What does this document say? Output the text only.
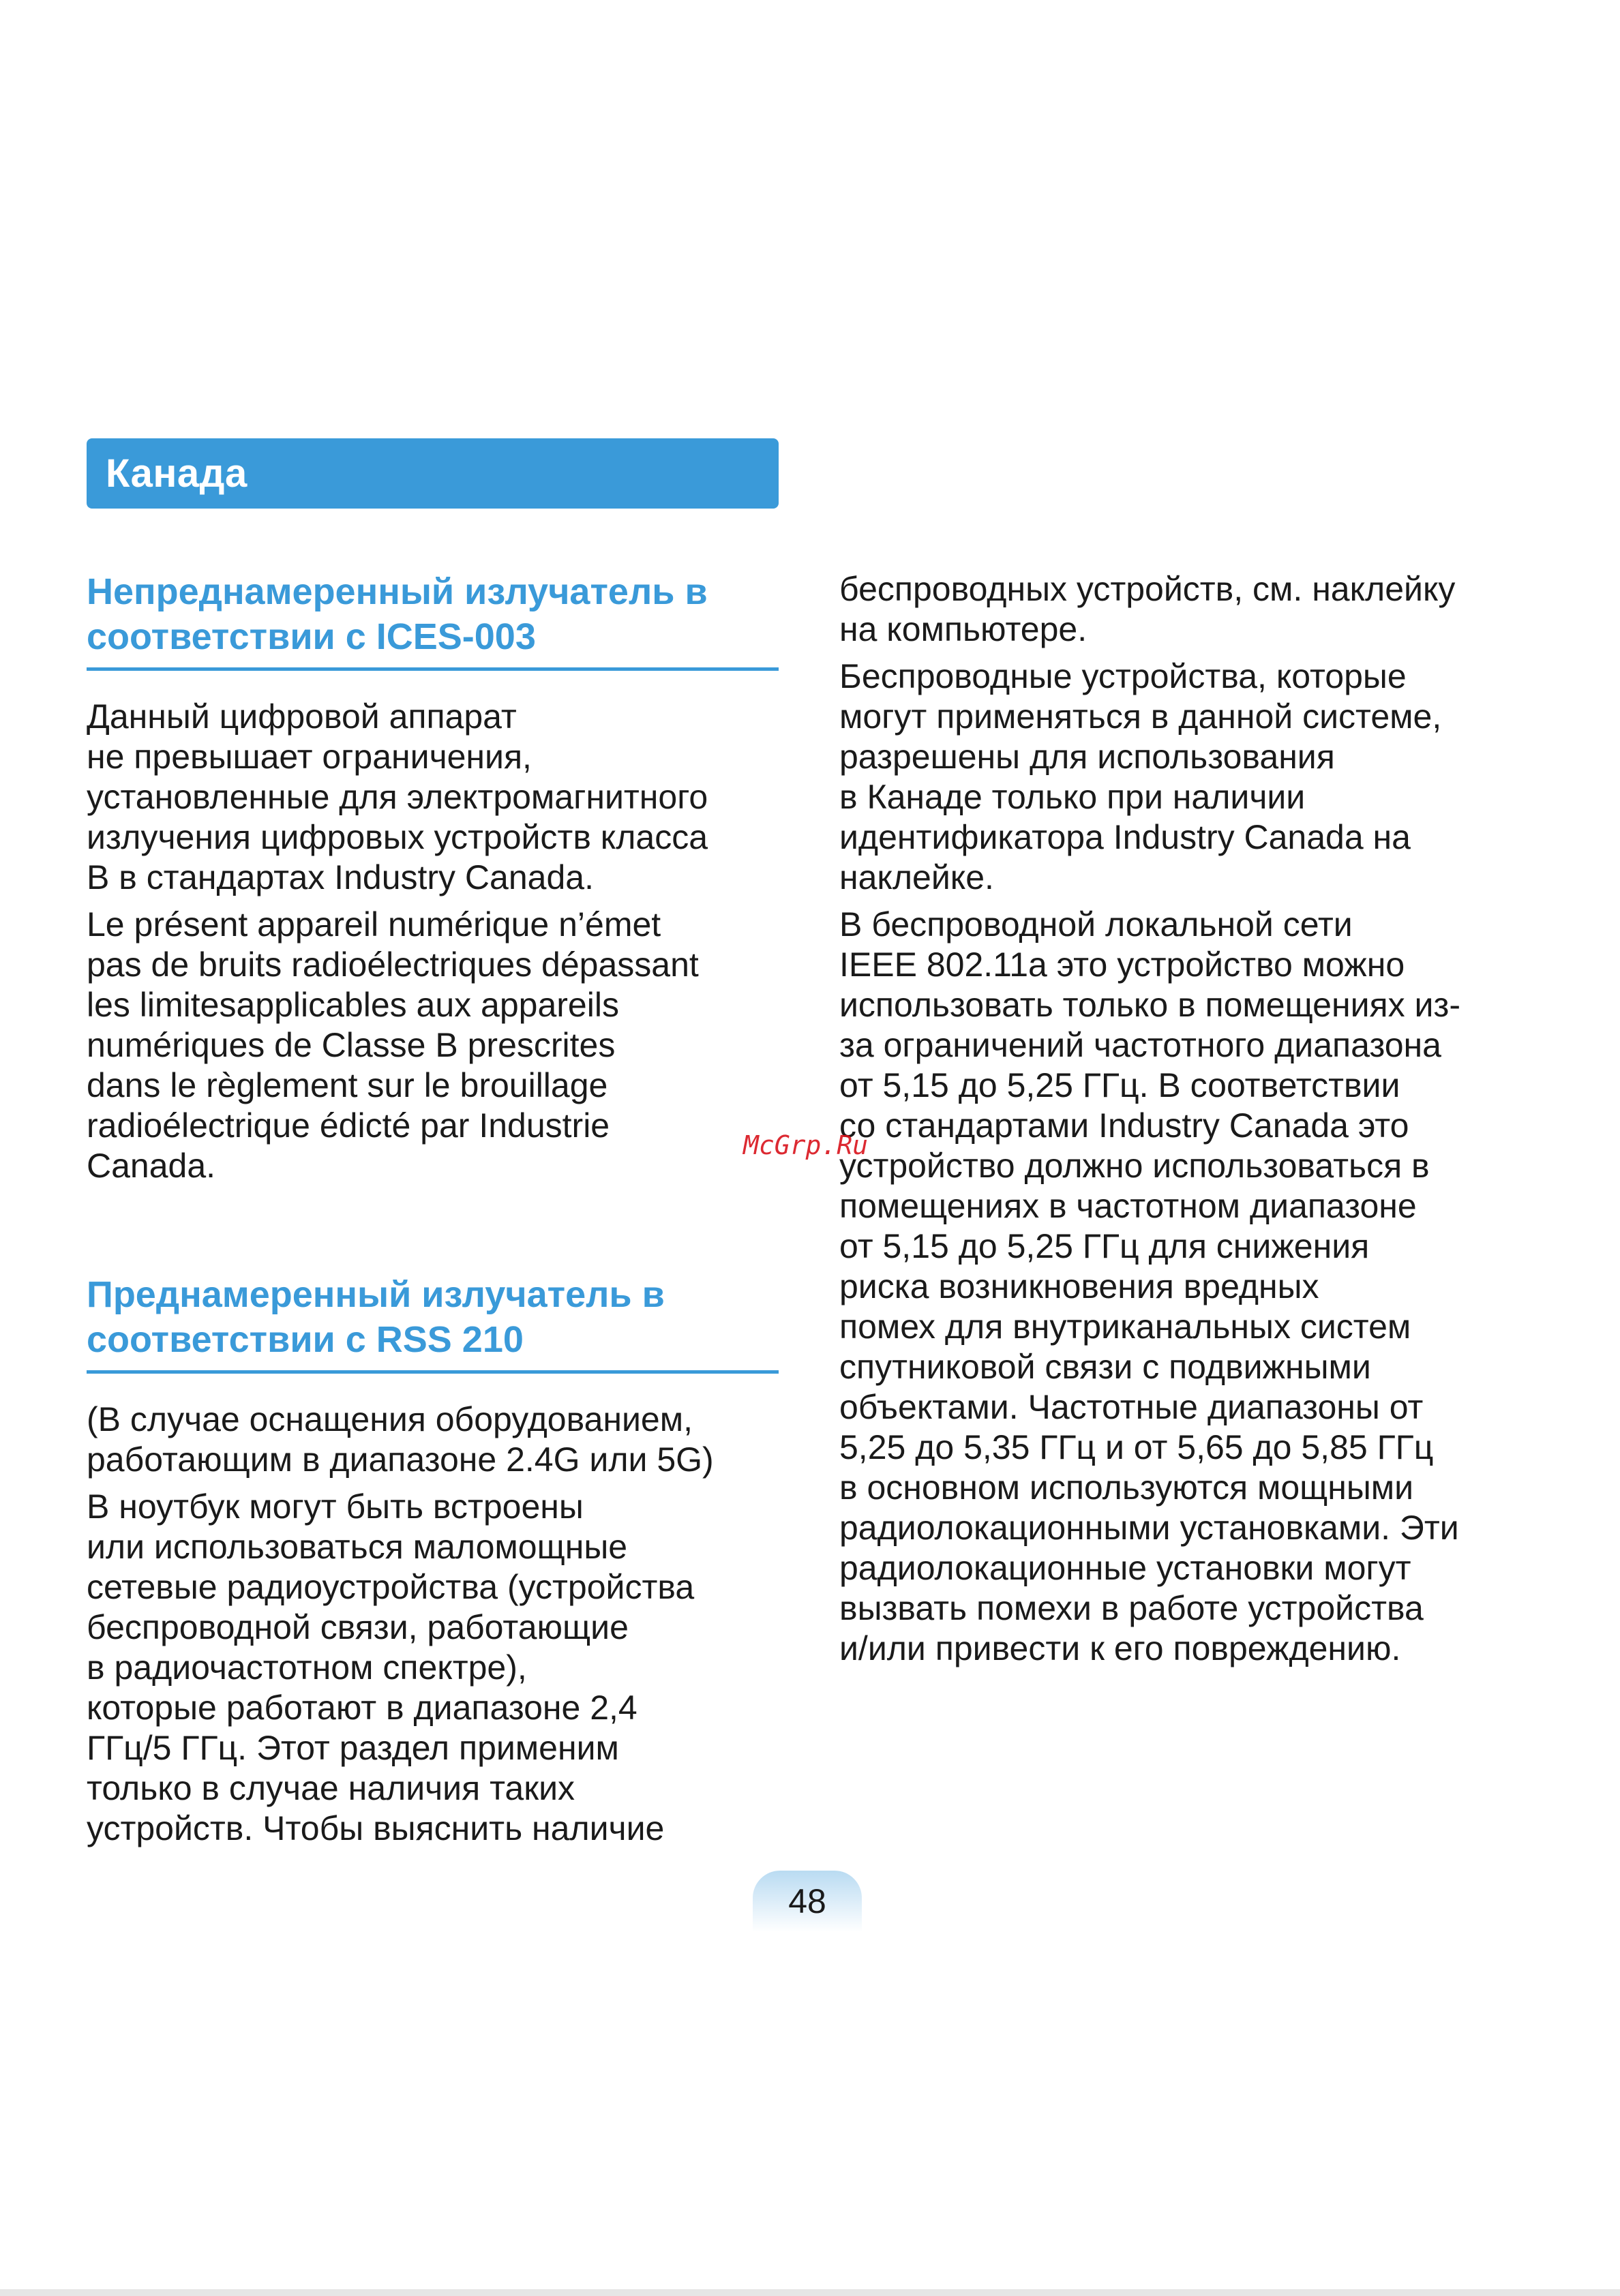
Канада
Непреднамеренный излучатель в
соответствии с ICES-003

Данный цифровой аппарат
не превышает ограничения,
установленные для электромагнитного
излучения цифровых устройств класса
B в стандартах Industry Canada.

Le présent appareil numérique n’émet
pas de bruits radioélectriques dépassant
les limitesapplicables aux appareils
numériques de Classe B prescrites
dans le règlement sur le brouillage
radioélectrique édicté par Industrie
Canada.

Преднамеренный излучатель в
соответствии с RSS 210

(В случае оснащения оборудованием,
работающим в диапазоне 2.4G или 5G)

В ноутбук могут быть встроены
или использоваться маломощные
сетевые радиоустройства (устройства
беспроводной связи, работающие
в радиочастотном спектре),
которые работают в диапазоне 2,4
ГГц/5 ГГц. Этот раздел применим
только в случае наличия таких
устройств. Чтобы выяснить наличие

беспроводных устройств, см. наклейку
на компьютере.

Беспроводные устройства, которые
могут применяться в данной системе,
разрешены для использования
в Канаде только при наличии
идентификатора Industry Canada на
наклейке.

В беспроводной локальной сети
IEEE 802.11a это устройство можно
использовать только в помещениях из-
за ограничений частотного диапазона
от 5,15 до 5,25 ГГц. В соответствии
со стандартами Industry Canada это
устройство должно использоваться в
помещениях в частотном диапазоне
от 5,15 до 5,25 ГГц для снижения
риска возникновения вредных
помех для внутриканальных систем
спутниковой связи с подвижными
объектами. Частотные диапазоны от
5,25 до 5,35 ГГц и от 5,65 до 5,85 ГГц
в основном используются мощными
радиолокационными установками. Эти
радиолокационные установки могут
вызвать помехи в работе устройства
и/или привести к его повреждению.

McGrp.Ru
48
